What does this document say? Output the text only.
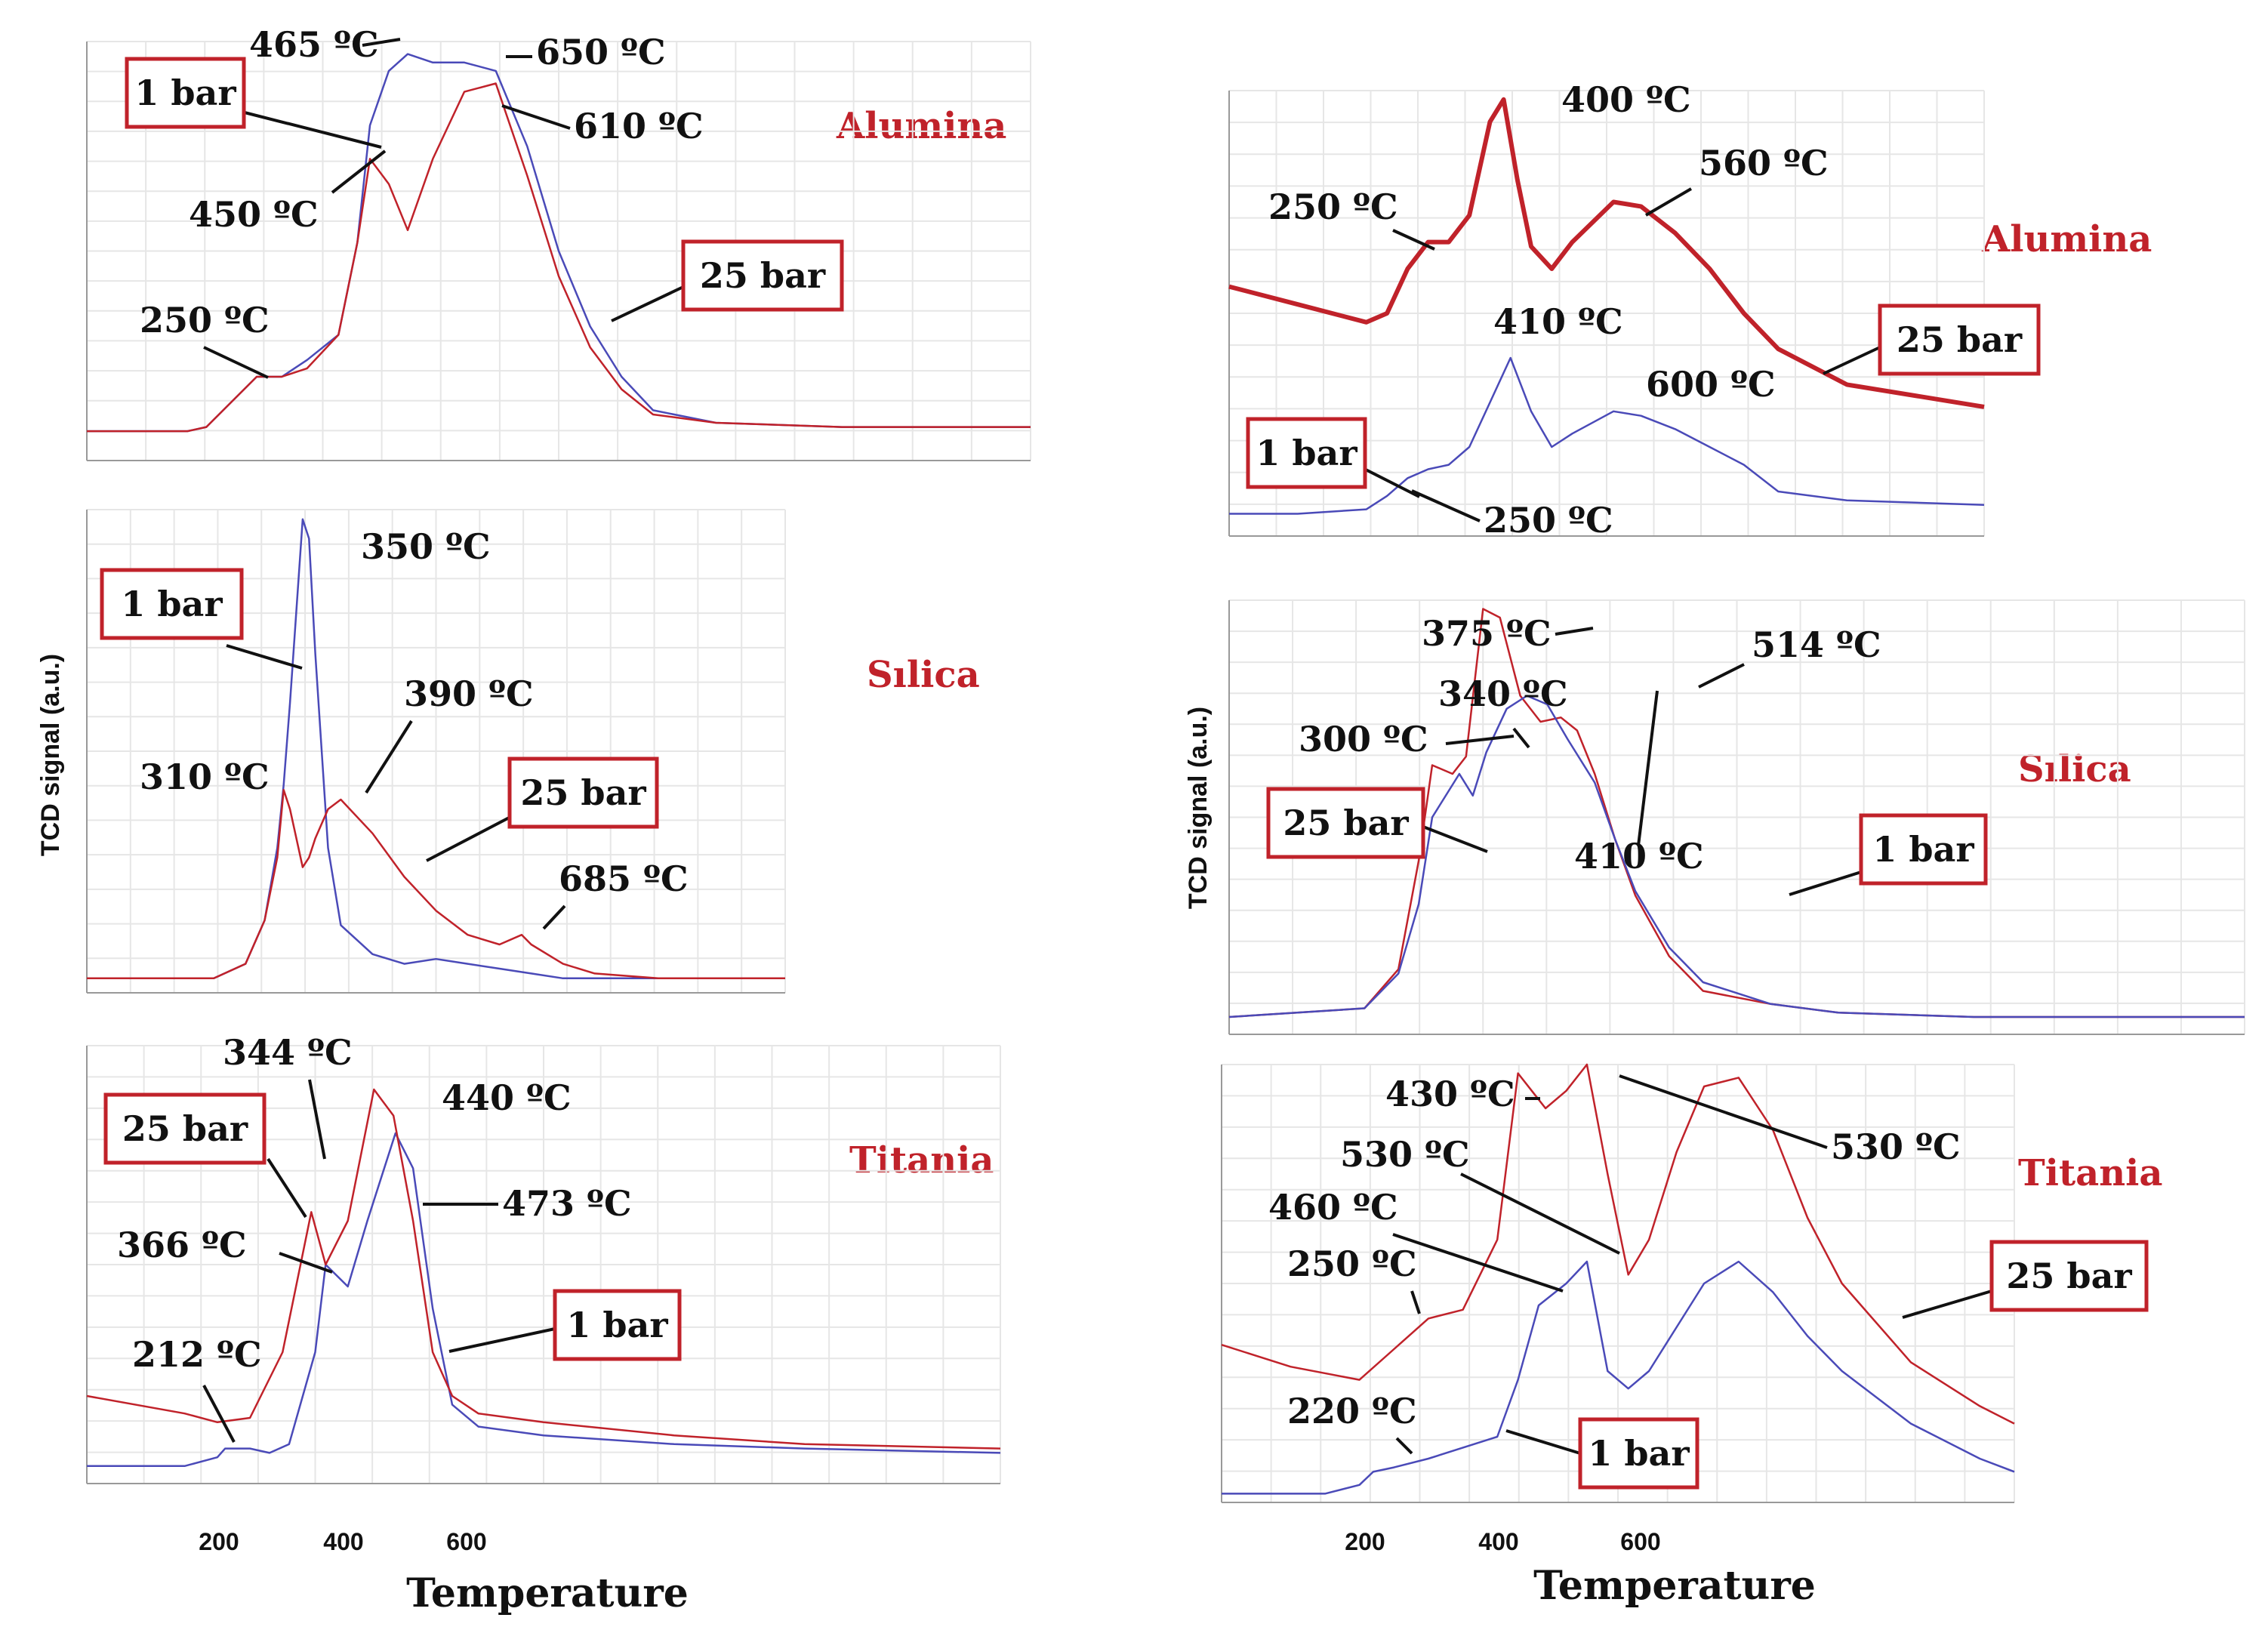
TCD signal (a.u.)	TCD signal (a.u.)
Alumina
Sılica
Titania
Alumina
Sılica
Titania
200	400	600
Temperature
200	400	600
Temperature
465 ºC	650 ºC
610 ºC
450 ºC
250 ºC
350 ºC
390 ºC
310 ºC
685 ºC
344 ºC
440 ºC
473 ºC
366 ºC
212 ºC
400 ºC
560 ºC
250 ºC
410 ºC
600 ºC
250 ºC
375 ºC	514 ºC
340 ºC
300 ºC
410 ºC
430 ºC
530 ºC
530 ºC
460 ºC
250 ºC
220 ºC
1 bar
25 bar
1 bar
25 bar
25 bar
1 bar
25 bar
1 bar
25 bar
1 bar
25 bar
1 bar
